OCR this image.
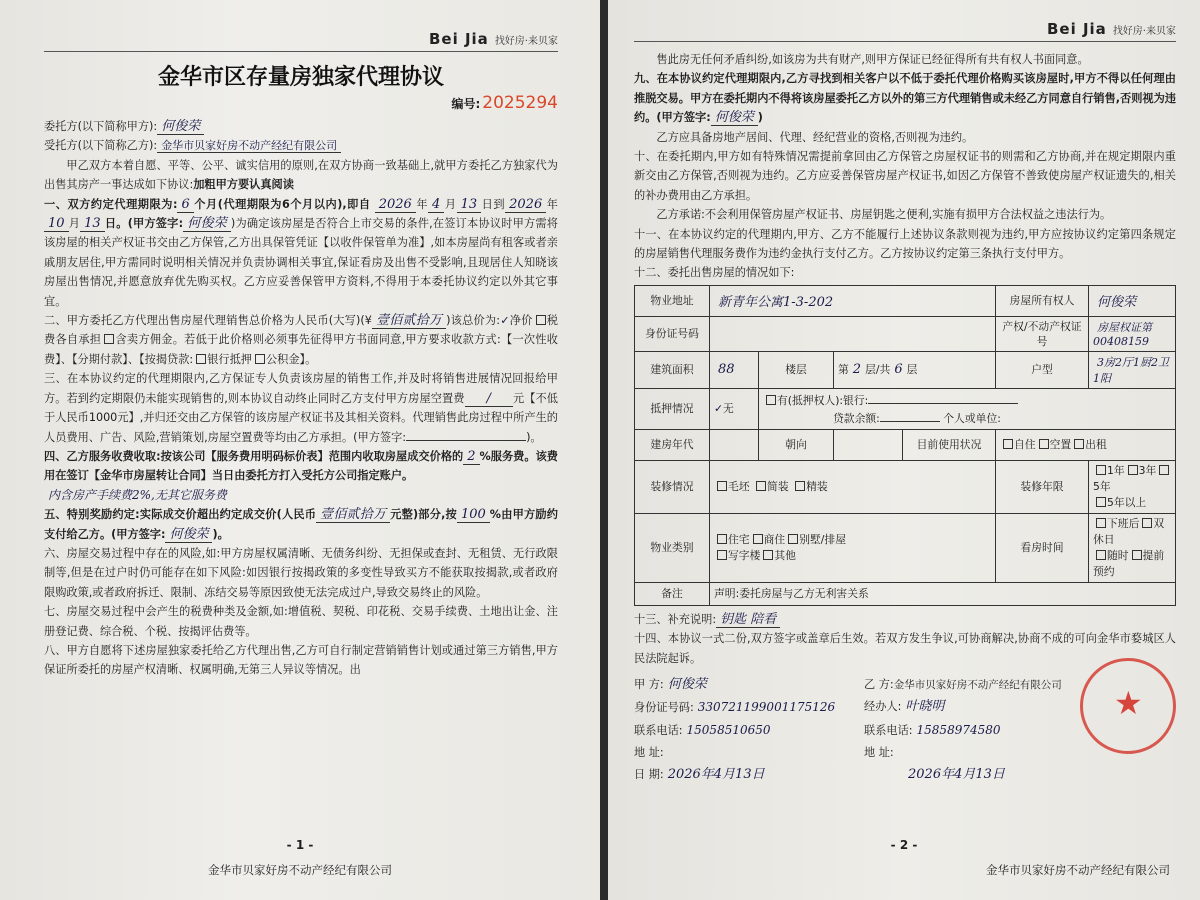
Bei Jia 找好房·来贝家
金华市区存量房独家代理协议
编号: 2025294

委托方(以下简称甲方): 何俊荣

受托方(以下简称乙方): 金华市贝家好房不动产经纪有限公司

甲乙双方本着自愿、平等、公平、诚实信用的原则,在双方协商一致基础上,就甲方委托乙方独家代为出售其房产一事达成如下协议:加粗甲方要认真阅读

一、双方约定代理期限为: 6 个月(代理期限为6个月以内),即自 2026 年 4 月 13 日到 2026 年10 月 13 日。(甲方签字: 何俊荣 )为确定该房屋是否符合上市交易的条件,在签订本协议时甲方需将该房屋的相关产权证书交由乙方保管,乙方出具保管凭证【以收件保管单为准】,如本房屋尚有租客或者亲戚朋友居住,甲方需同时说明相关情况并负责协调相关事宜,保证看房及出售不受影响,且现居住人知晓该房屋出售情况,并愿意放弃优先购买权。乙方应妥善保管甲方资料,不得用于本委托协议约定以外其它事宜。

二、甲方委托乙方代理出售房屋代理销售总价格为人民币(大写)(¥ 壹佰贰拾万 )该总价为:✓净价 税费各自承担 含卖方佣金。若低于此价格则必须事先征得甲方书面同意,甲方要求收款方式:【一次性收费】、【分期付款】、【按揭贷款: 银行抵押 公积金】。

三、在本协议约定的代理期限内,乙方保证专人负责该房屋的销售工作,并及时将销售进展情况回报给甲方。若到约定期限仍未能实现销售的,则本协议自动终止同时乙方支付甲方房屋空置费 / 元【不低于人民币1000元】,并归还交由乙方保管的该房屋产权证书及其相关资料。代理销售此房过程中所产生的人员费用、广告、风险,营销策划,房屋空置费等均由乙方承担。(甲方签字:	)。

四、乙方服务收费收取:按该公司【服务费用明码标价表】范围内收取房屋成交价格的 2 %服务费。该费用在签订【金华市房屋转让合同】当日由委托方打入受托方公司指定账户。

内含房产手续费2%,无其它服务费

五、特别奖励约定:实际成交价超出约定成交价(人民币 壹佰贰拾万 元整)部分,按 100 %由甲方励约支付给乙方。(甲方签字: 何俊荣 )。

六、房屋交易过程中存在的风险,如:甲方房屋权属清晰、无债务纠纷、无担保或查封、无租赁、无行政限制等,但是在过户时仍可能存在如下风险:如因银行按揭政策的多变性导致买方不能获取按揭款,或者政府限购政策,或者政府拆迁、限制、冻结交易等原因致使无法完成过户,导致交易终止的风险。

七、房屋交易过程中会产生的税费种类及金额,如:增值税、契税、印花税、交易手续费、土地出让金、注册登记费、综合税、个税、按揭评估费等。

八、甲方自愿将下述房屋独家委托给乙方代理出售,乙方可自行制定营销销售计划或通过第三方销售,甲方保证所委托的房屋产权清晰、权属明确,无第三人异议等情况。出

- 1 -
金华市贝家好房不动产经纪有限公司
Bei Jia 找好房·来贝家

售此房无任何矛盾纠纷,如该房为共有财产,则甲方保证已经征得所有共有权人书面同意。

九、在本协议约定代理期限内,乙方寻找到相关客户以不低于委托代理价格购买该房屋时,甲方不得以任何理由推脱交易。甲方在委托期内不得将该房屋委托乙方以外的第三方代理销售或未经乙方同意自行销售,否则视为违约。(甲方签字: 何俊荣 )

乙方应具备房地产居间、代理、经纪营业的资格,否则视为违约。

十、在委托期内,甲方如有特殊情况需提前拿回由乙方保管之房屋权证书的则需和乙方协商,并在规定期限内重新交由乙方保管,否则视为违约。乙方应妥善保管房屋产权证书,如因乙方保管不善致使房屋产权证遗失的,相关的补办费用由乙方承担。

乙方承诺:不会利用保管房屋产权证书、房屋钥匙之便利,实施有损甲方合法权益之违法行为。

十一、在本协议约定的代理期内,甲方、乙方不能履行上述协议条款则视为违约,甲方应按协议约定第四条规定的房屋销售代理服务费作为违约金执行支付乙方。乙方按协议约定第三条执行支付甲方。

十二、委托出售房屋的情况如下:

物业地址	新青年公寓1-3-202				房屋所有权人	何俊荣
身份证号码					产权/不动产权证号	房屋权证第00408159
建筑面积	88	楼层	第 2 层/共 6 层		户型	3房2厅1厨2卫1阳
抵押情况	✓无	有(抵押权人):银行:
贷款余额: 个人或单位:				

建房年代		朝向		目前使用状况	自住 空置 出租	
装修情况	毛坯 简装 精装				装修年限	1年 3年5年
5年以上
物业类别	住宅 商住 别墅/排屋
写字楼 其他				看房时间	下班后 双休日
随时 提前预约
备注	声明:委托房屋与乙方无利害关系					

十三、补充说明: 钥匙 陪看

十四、本协议一式二份,双方签字或盖章后生效。若双方发生争议,可协商解决,协商不成的可向金华市婺城区人民法院起诉。

甲 方: 何俊荣	乙 方:金华市贝家好房不动产经纪有限公司
身份证号码: 330721199001175126	经办人: 叶晓明
联系电话: 15058510650	联系电话: 15858974580
地 址:	地 址:
日 期: 2026年4月13日	2026年4月13日
★
- 2 -
金华市贝家好房不动产经纪有限公司
